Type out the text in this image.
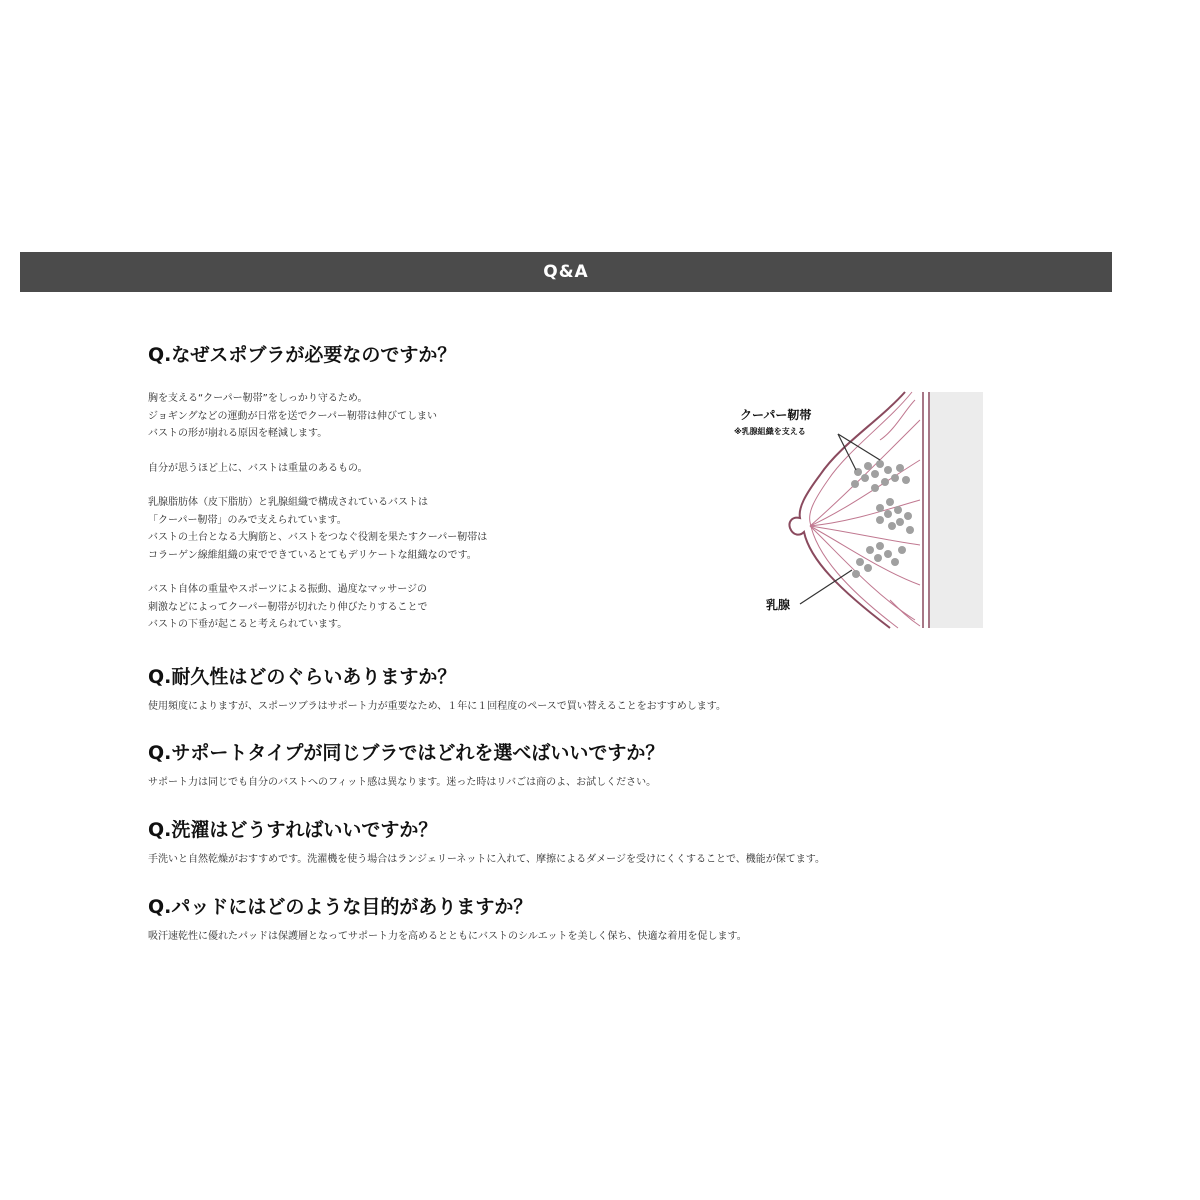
Q&A
Q.なぜスポブラが必要なのですか？

胸を支える“クーパー靭帯”をしっかり守るため。

ジョギングなどの運動が日常を送でクーパー靭帯は伸びてしまい

バストの形が崩れる原因を軽減します。

自分が思うほど上に、バストは重量のあるもの。

乳腺脂肪体（皮下脂肪）と乳腺組織で構成されているバストは

「クーパー靭帯」のみで支えられています。

バストの土台となる大胸筋と、バストをつなぐ役割を果たすクーパー靭帯は

コラーゲン線維組織の束でできているとてもデリケートな組織なのです。

バスト自体の重量やスポーツによる振動、過度なマッサージの

刺激などによってクーパー靭帯が切れたり伸びたりすることで

バストの下垂が起こると考えられています。

クーパー靭帯
※乳腺組織を支える
乳腺
Q.耐久性はどのぐらいありますか？

使用頻度によりますが、スポーツブラはサポート力が重要なため、１年に１回程度のペースで買い替えることをおすすめします。

Q.サポートタイプが同じブラではどれを選べばいいですか？

サポート力は同じでも自分のバストへのフィット感は異なります。迷った時はリバごは商のよ、お試しください。

Q.洗濯はどうすればいいですか？

手洗いと自然乾燥がおすすめです。洗濯機を使う場合はランジェリーネットに入れて、摩擦によるダメージを受けにくくすることで、機能が保てます。

Q.パッドにはどのような目的がありますか？

吸汗速乾性に優れたパッドは保護層となってサポート力を高めるとともにバストのシルエットを美しく保ち、快適な着用を促します。
